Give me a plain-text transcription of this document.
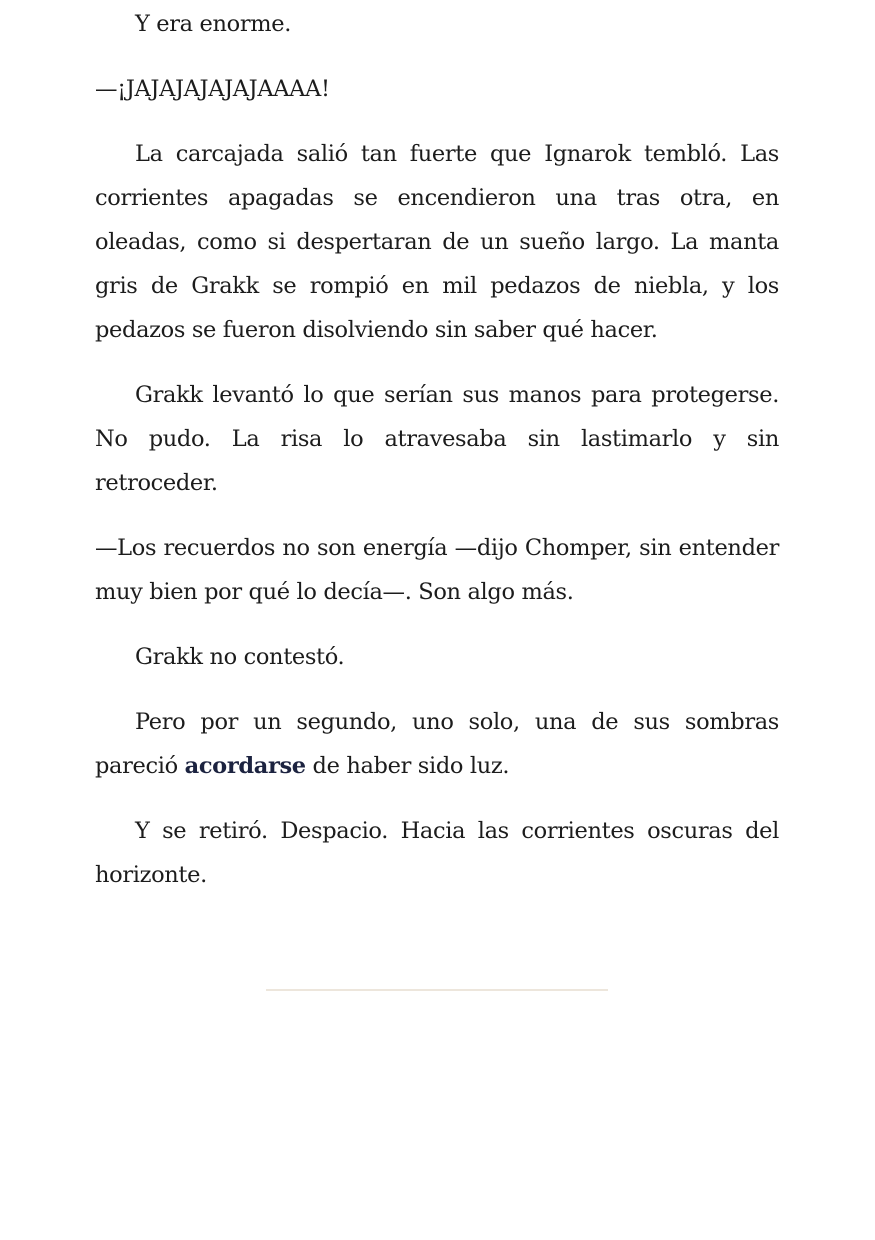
Y era enorme.

—¡JAJAJAJAJAJAAAA!

La carcajada salió tan fuerte que Ignarok tembló. Las corrientes apagadas se encendieron una tras otra, en oleadas, como si despertaran de un sueño largo. La manta gris de Grakk se rompió en mil pedazos de niebla, y los pedazos se fueron disolviendo sin saber qué hacer.

Grakk levantó lo que serían sus manos para protegerse. No pudo. La risa lo atravesaba sin lastimarlo y sin retroceder.

—Los recuerdos no son energía —dijo Chomper, sin entender muy bien por qué lo decía—. Son algo más.

Grakk no contestó.

Pero por un segundo, uno solo, una de sus sombras pareció acordarse de haber sido luz.

Y se retiró. Despacio. Hacia las corrientes oscuras del horizonte.
